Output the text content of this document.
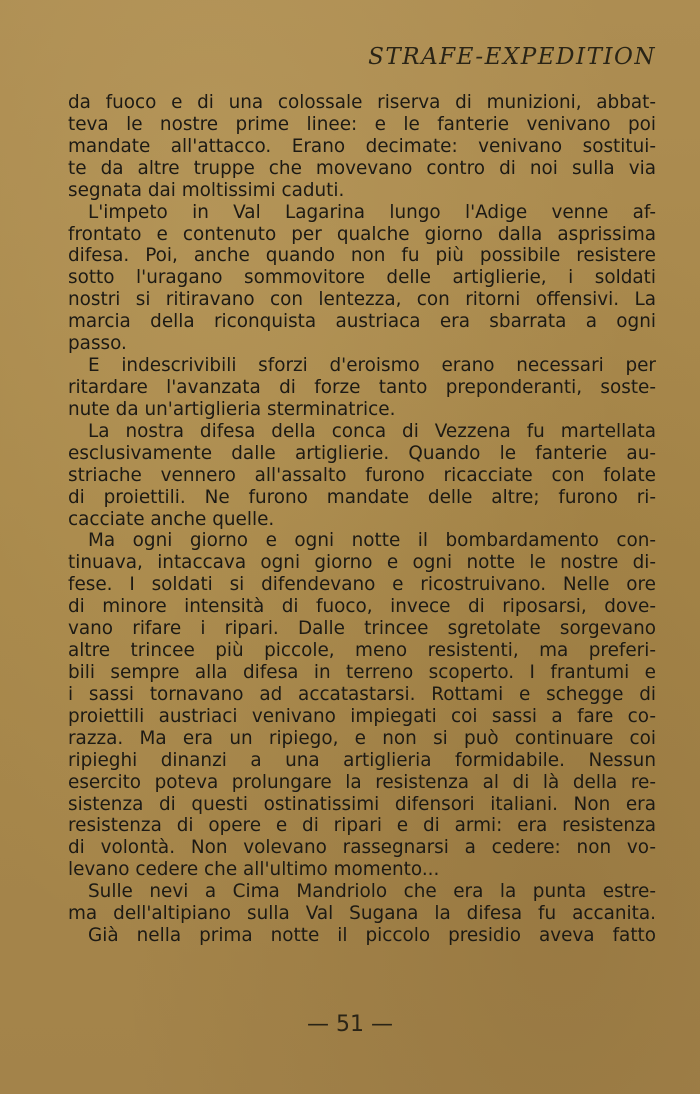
STRAFE-EXPEDITION
da fuoco e di una colossale riserva di munizioni, abbat-
teva le nostre prime linee: e le fanterie venivano poi
mandate all'attacco. Erano decimate: venivano sostitui-
te da altre truppe che movevano contro di noi sulla via
segnata dai moltissimi caduti.
L'impeto in Val Lagarina lungo l'Adige venne af-
frontato e contenuto per qualche giorno dalla asprissima
difesa. Poi, anche quando non fu più possibile resistere
sotto l'uragano sommovitore delle artiglierie, i soldati
nostri si ritiravano con lentezza, con ritorni offensivi. La
marcia della riconquista austriaca era sbarrata a ogni
passo.
E indescrivibili sforzi d'eroismo erano necessari per
ritardare l'avanzata di forze tanto preponderanti, soste-
nute da un'artiglieria sterminatrice.
La nostra difesa della conca di Vezzena fu martellata
esclusivamente dalle artiglierie. Quando le fanterie au-
striache vennero all'assalto furono ricacciate con folate
di proiettili. Ne furono mandate delle altre; furono ri-
cacciate anche quelle.
Ma ogni giorno e ogni notte il bombardamento con-
tinuava, intaccava ogni giorno e ogni notte le nostre di-
fese. I soldati si difendevano e ricostruivano. Nelle ore
di minore intensità di fuoco, invece di riposarsi, dove-
vano rifare i ripari. Dalle trincee sgretolate sorgevano
altre trincee più piccole, meno resistenti, ma preferi-
bili sempre alla difesa in terreno scoperto. I frantumi e
i sassi tornavano ad accatastarsi. Rottami e schegge di
proiettili austriaci venivano impiegati coi sassi a fare co-
razza. Ma era un ripiego, e non si può continuare coi
ripieghi dinanzi a una artiglieria formidabile. Nessun
esercito poteva prolungare la resistenza al di là della re-
sistenza di questi ostinatissimi difensori italiani. Non era
resistenza di opere e di ripari e di armi: era resistenza
di volontà. Non volevano rassegnarsi a cedere: non vo-
levano cedere che all'ultimo momento...
Sulle nevi a Cima Mandriolo che era la punta estre-
ma dell'altipiano sulla Val Sugana la difesa fu accanita.
Già nella prima notte il piccolo presidio aveva fatto
— 51 —
